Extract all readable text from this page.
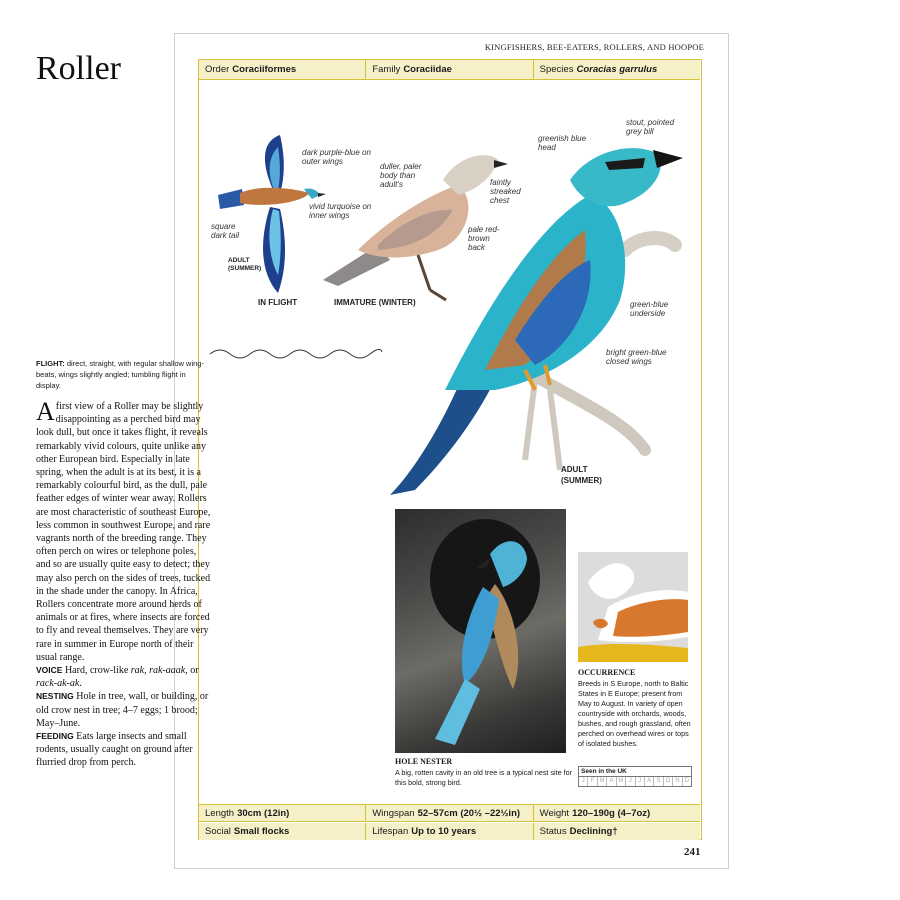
KINGFISHERS, BEE-EATERS, ROLLERS, AND HOOPOE
Order Coraciiformes	Family Coraciidae	Species Coracias garrulus
Length 30cm (12in)	Wingspan 52–57cm (20½ –22½in) Weight 120–190g (4–7oz)
Social Small flocks	Lifespan Up to 10 years	Status Declining†
Roller
dark purple-blue on outer wings
vivid turquoise on inner wings
square dark tail
ADULT (SUMMER)
IN FLIGHT
duller, paler body than adult's	faintly streaked chest
pale red-brown back
IMMATURE (WINTER)
greenish blue head
stout, pointed grey bill
green-blue underside
bright green-blue closed wings
ADULT (SUMMER)
FLIGHT: direct, straight, with regular shallow wing-beats, wings slightly angled; tumbling flight in display.

A first view of a Roller may be slightly disappointing as a perched bird may look dull, but once it takes flight, it reveals remarkably vivid colours, quite unlike any other European bird. Especially in late spring, when the adult is at its best, it is a remarkably colourful bird, as the dull, pale feather edges of winter wear away. Rollers are most characteristic of southeast Europe, less common in southwest Europe, and rare vagrants north of the breeding range. They often perch on wires or telephone poles, and so are usually quite easy to detect; they may also perch on the sides of trees, tucked in the shade under the canopy. In Africa, Rollers concentrate more around herds of animals or at fires, where insects are forced to fly and reveal themselves. They are very rare in summer in Europe north of their usual range.

VOICE Hard, crow-like rak, rak-aaak, or rack-ak-ak.

NESTING Hole in tree, wall, or building, or old crow nest in tree; 4–7 eggs; 1 brood; May–June.

FEEDING Eats large insects and small rodents, usually caught on ground after flurried drop from perch.	HOLE NESTER
A big, rotten cavity in an old tree is a typical nest site for this bold, strong bird.
OCCURRENCE
Breeds in S Europe, north to Baltic States in E Europe; present from May to August. In variety of open countryside with orchards, woods, bushes, and rough grassland, often perched on overhead wires or tops of isolated bushes.
Seen in the UK
J	F M A M J	J A S O N D
241
